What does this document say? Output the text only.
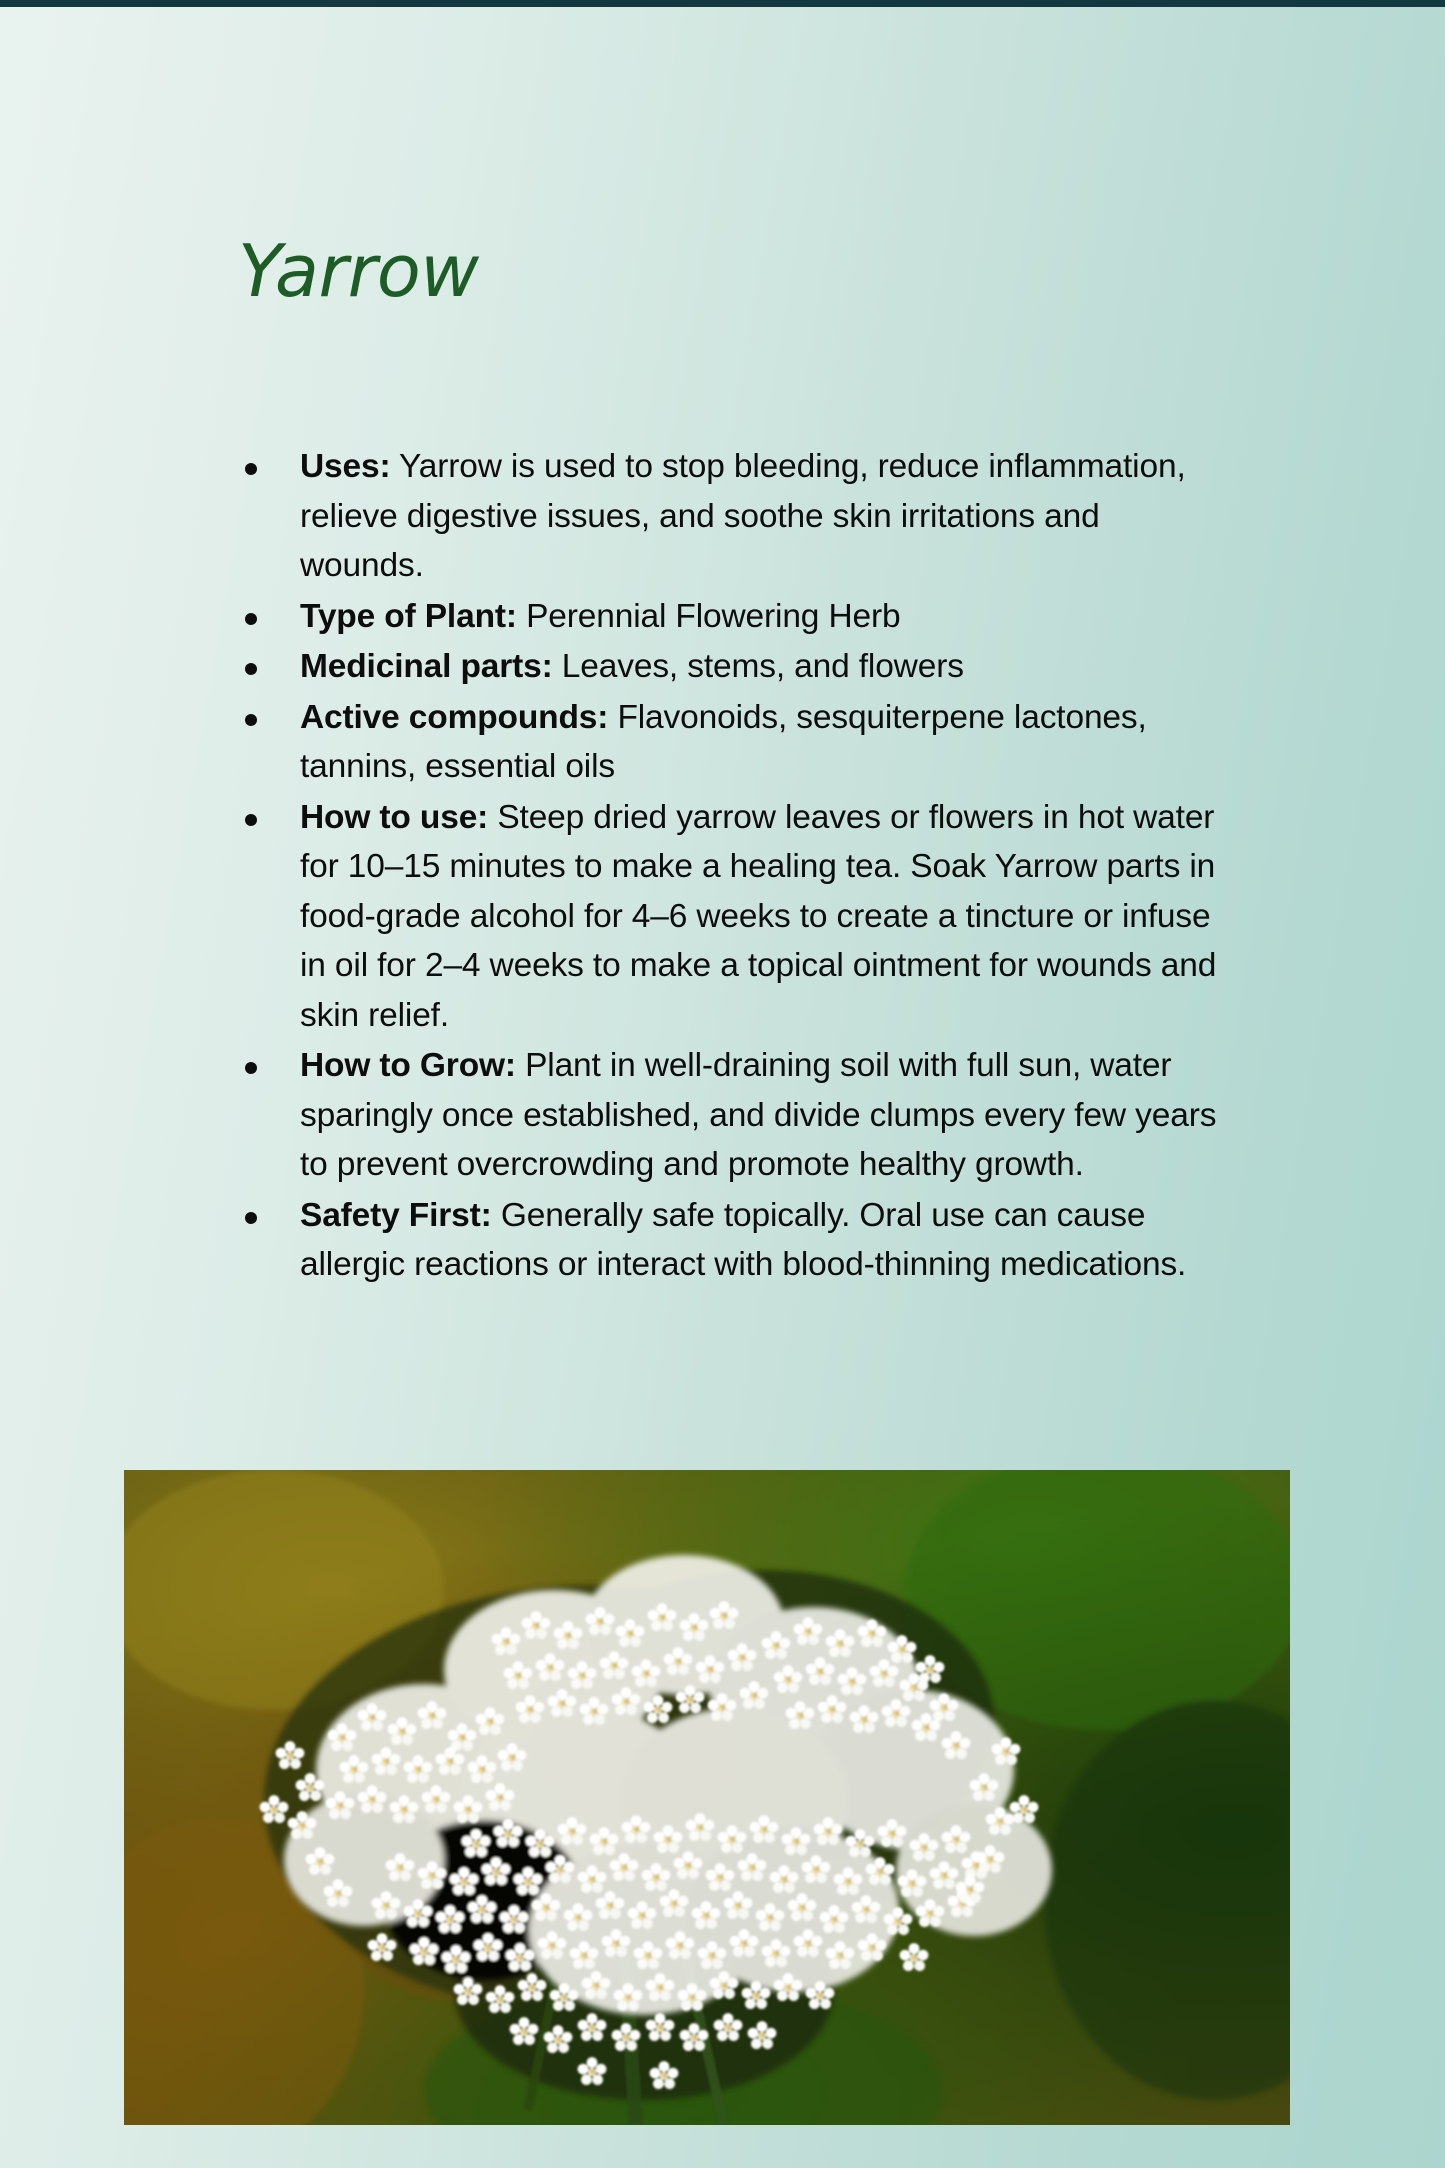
Yarrow
Uses: Yarrow is used to stop bleeding, reduce inflammation, relieve digestive issues, and soothe skin irritations and wounds.
Type of Plant: Perennial Flowering Herb
Medicinal parts: Leaves, stems, and flowers
Active compounds: Flavonoids, sesquiterpene lactones, tannins, essential oils
How to use: Steep dried yarrow leaves or flowers in hot water for 10–15 minutes to make a healing tea. Soak Yarrow parts in food-grade alcohol for 4–6 weeks to create a tincture or infuse in oil for 2–4 weeks to make a topical ointment for wounds and skin relief.
How to Grow: Plant in well-draining soil with full sun, water sparingly once established, and divide clumps every few years to prevent overcrowding and promote healthy growth.
Safety First: Generally safe topically. Oral use can cause allergic reactions or interact with blood-thinning medications.
